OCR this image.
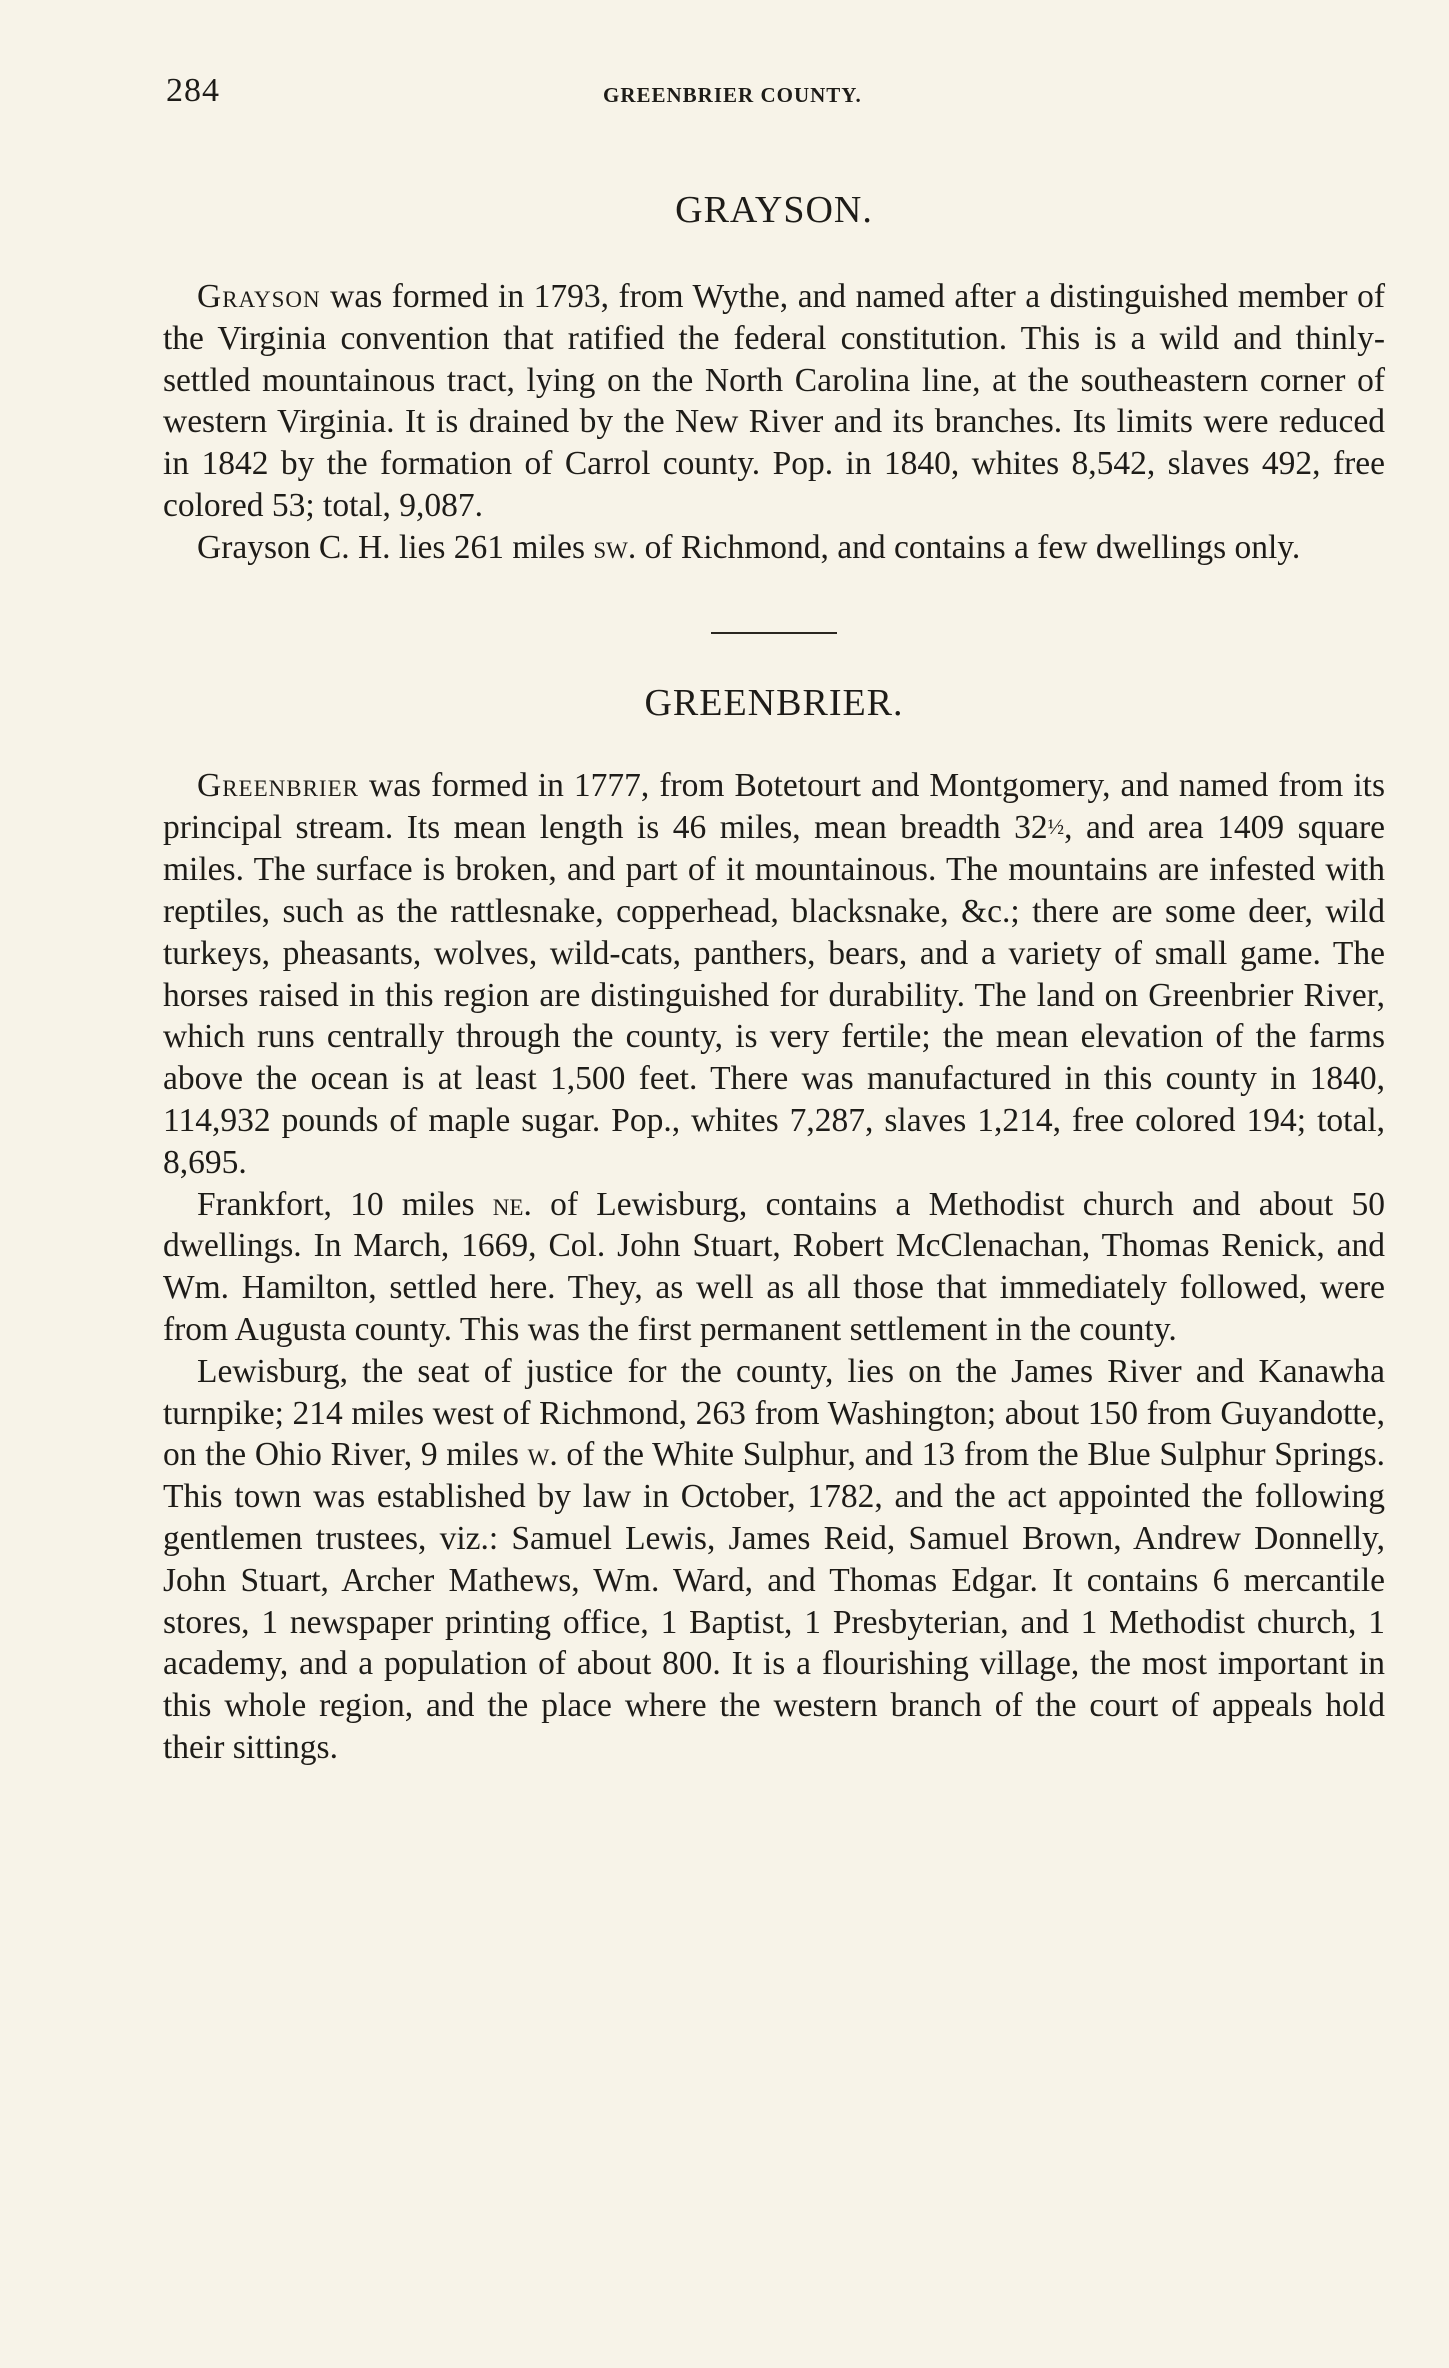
284	GREENBRIER COUNTY.
GRAYSON.

Grayson was formed in 1793, from Wythe, and named after a distinguished member of the Virginia convention that ratified the federal constitution. This is a wild and thinly-settled mountainous tract, lying on the North Carolina line, at the southeastern corner of western Virginia. It is drained by the New River and its branches. Its limits were reduced in 1842 by the formation of Carrol county. Pop. in 1840, whites 8,542, slaves 492, free colored 53; total, 9,087.

Grayson C. H. lies 261 miles sw. of Richmond, and contains a few dwellings only.

GREENBRIER.

Greenbrier was formed in 1777, from Botetourt and Montgomery, and named from its principal stream. Its mean length is 46 miles, mean breadth 32½, and area 1409 square miles. The surface is broken, and part of it mountainous. The mountains are infested with reptiles, such as the rattlesnake, copperhead, blacksnake, &c.; there are some deer, wild turkeys, pheasants, wolves, wild-cats, panthers, bears, and a variety of small game. The horses raised in this region are distinguished for durability. The land on Greenbrier River, which runs centrally through the county, is very fertile; the mean elevation of the farms above the ocean is at least 1,500 feet. There was manufactured in this county in 1840, 114,932 pounds of maple sugar. Pop., whites 7,287, slaves 1,214, free colored 194; total, 8,695.

Frankfort, 10 miles ne. of Lewisburg, contains a Methodist church and about 50 dwellings. In March, 1669, Col. John Stuart, Robert McClenachan, Thomas Renick, and Wm. Hamilton, settled here. They, as well as all those that immediately followed, were from Augusta county. This was the first permanent settlement in the county.

Lewisburg, the seat of justice for the county, lies on the James River and Kanawha turnpike; 214 miles west of Richmond, 263 from Washington; about 150 from Guyandotte, on the Ohio River, 9 miles w. of the White Sulphur, and 13 from the Blue Sulphur Springs. This town was established by law in October, 1782, and the act appointed the following gentlemen trustees, viz.: Samuel Lewis, James Reid, Samuel Brown, Andrew Donnelly, John Stuart, Archer Mathews, Wm. Ward, and Thomas Edgar. It contains 6 mercantile stores, 1 newspaper printing office, 1 Baptist, 1 Presbyterian, and 1 Methodist church, 1 academy, and a population of about 800. It is a flourishing village, the most important in this whole region, and the place where the western branch of the court of appeals hold their sittings.
